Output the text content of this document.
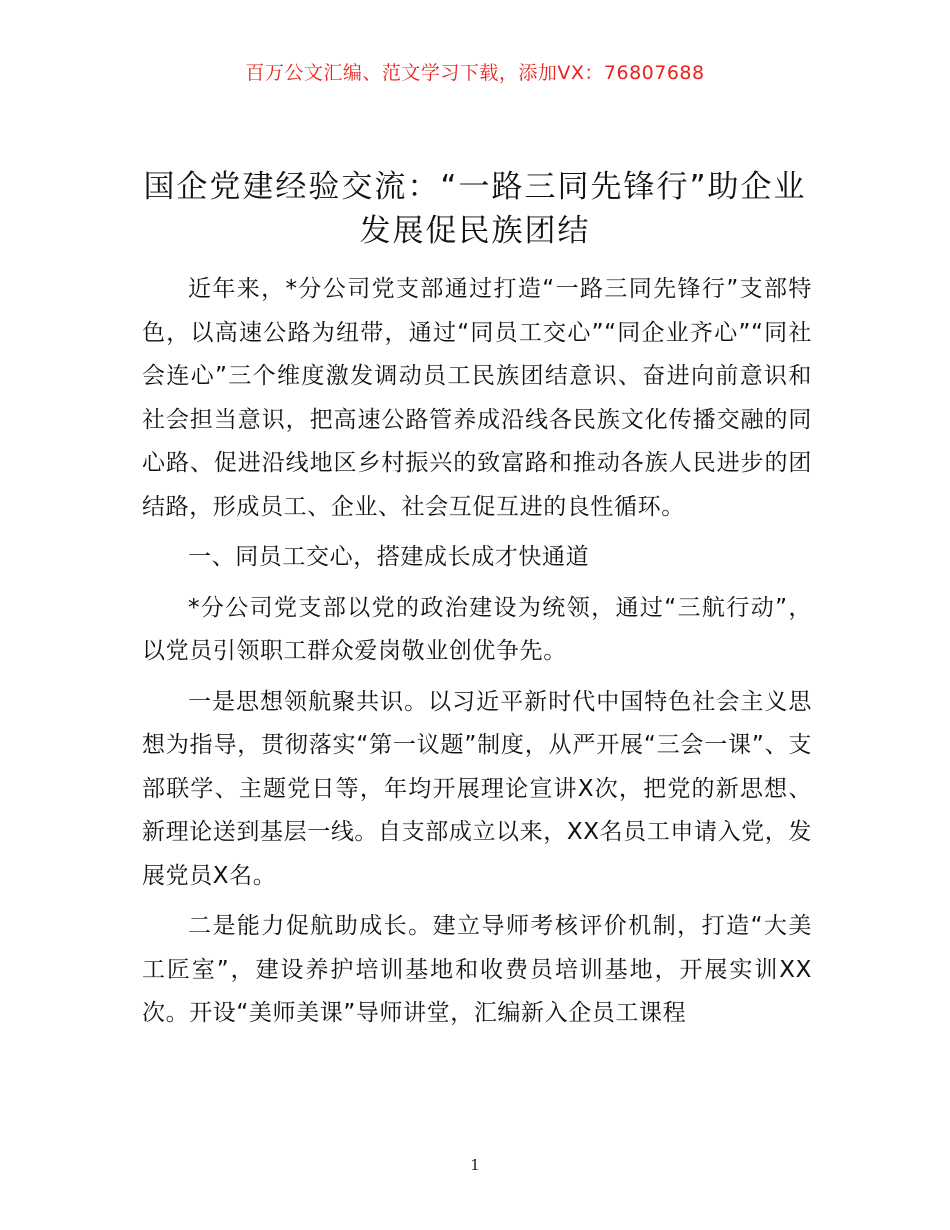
百万公文汇编、范文学习下载，添加VX：76807688
国企党建经验交流：“一路三同先锋行”助企业发展促民族团结

近年来，*分公司党支部通过打造“一路三同先锋行”支部特色，以高速公路为纽带，通过“同员工交心”“同企业齐心”“同社会连心”三个维度激发调动员工民族团结意识、奋进向前意识和社会担当意识，把高速公路管养成沿线各民族文化传播交融的同心路、促进沿线地区乡村振兴的致富路和推动各族人民进步的团结路，形成员工、企业、社会互促互进的良性循环。

一、同员工交心，搭建成长成才快通道

*分公司党支部以党的政治建设为统领，通过“三航行动”，以党员引领职工群众爱岗敬业创优争先。

一是思想领航聚共识。以习近平新时代中国特色社会主义思想为指导，贯彻落实“第一议题”制度，从严开展“三会一课”、支部联学、主题党日等，年均开展理论宣讲X次，把党的新思想、新理论送到基层一线。自支部成立以来，XX名员工申请入党，发展党员X名。

二是能力促航助成长。建立导师考核评价机制，打造“大美工匠室”，建设养护培训基地和收费员培训基地，开展实训XX次。开设“美师美课”导师讲堂，汇编新入企员工课程

1
